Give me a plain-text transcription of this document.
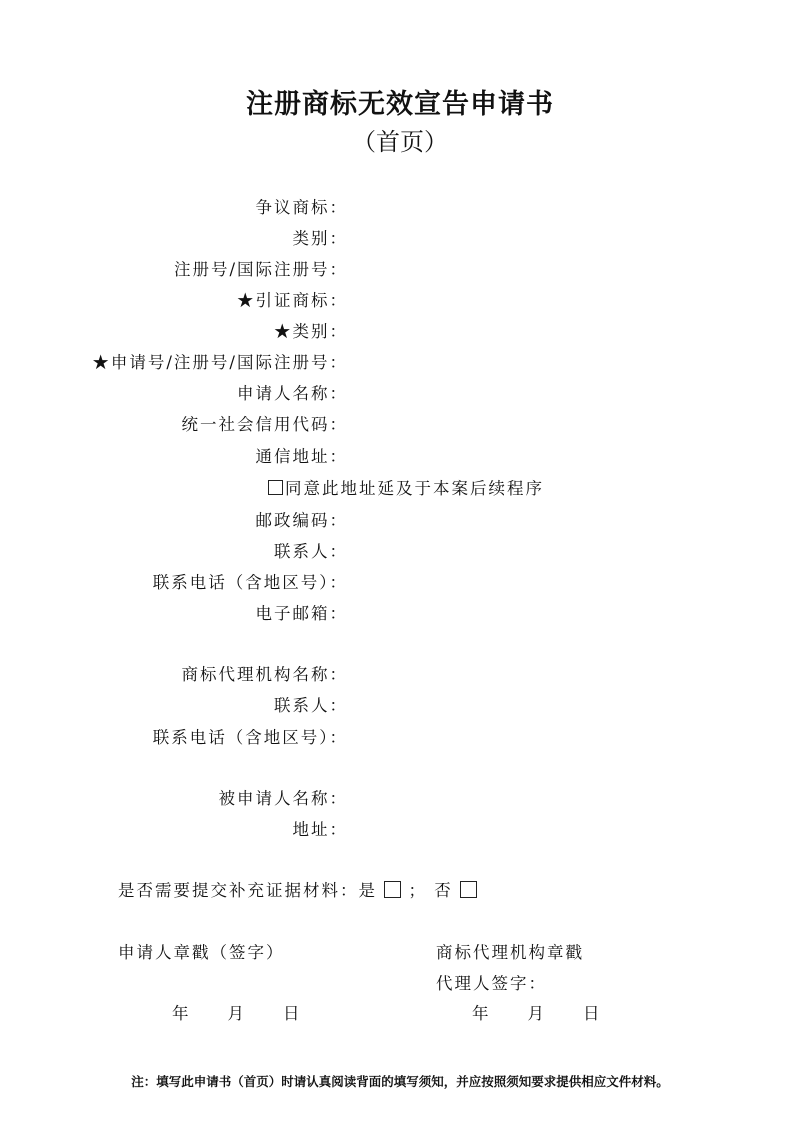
注册商标无效宣告申请书
（首页）
争议商标：
类别：
注册号/国际注册号：
★引证商标：
★类别：
★申请号/注册号/国际注册号：
申请人名称：
统一社会信用代码：
通信地址：
同意此地址延及于本案后续程序
邮政编码：
联系人：
联系电话（含地区号）：
电子邮箱：
商标代理机构名称：
联系人：
联系电话（含地区号）：
被申请人名称：
地址：
是否需要提交补充证据材料：是 ； 否
申请人章戳（签字）	商标代理机构章戳
代理人签字：
年　　月　　日	年　　月　　日
注：填写此申请书（首页）时请认真阅读背面的填写须知，并应按照须知要求提供相应文件材料。
